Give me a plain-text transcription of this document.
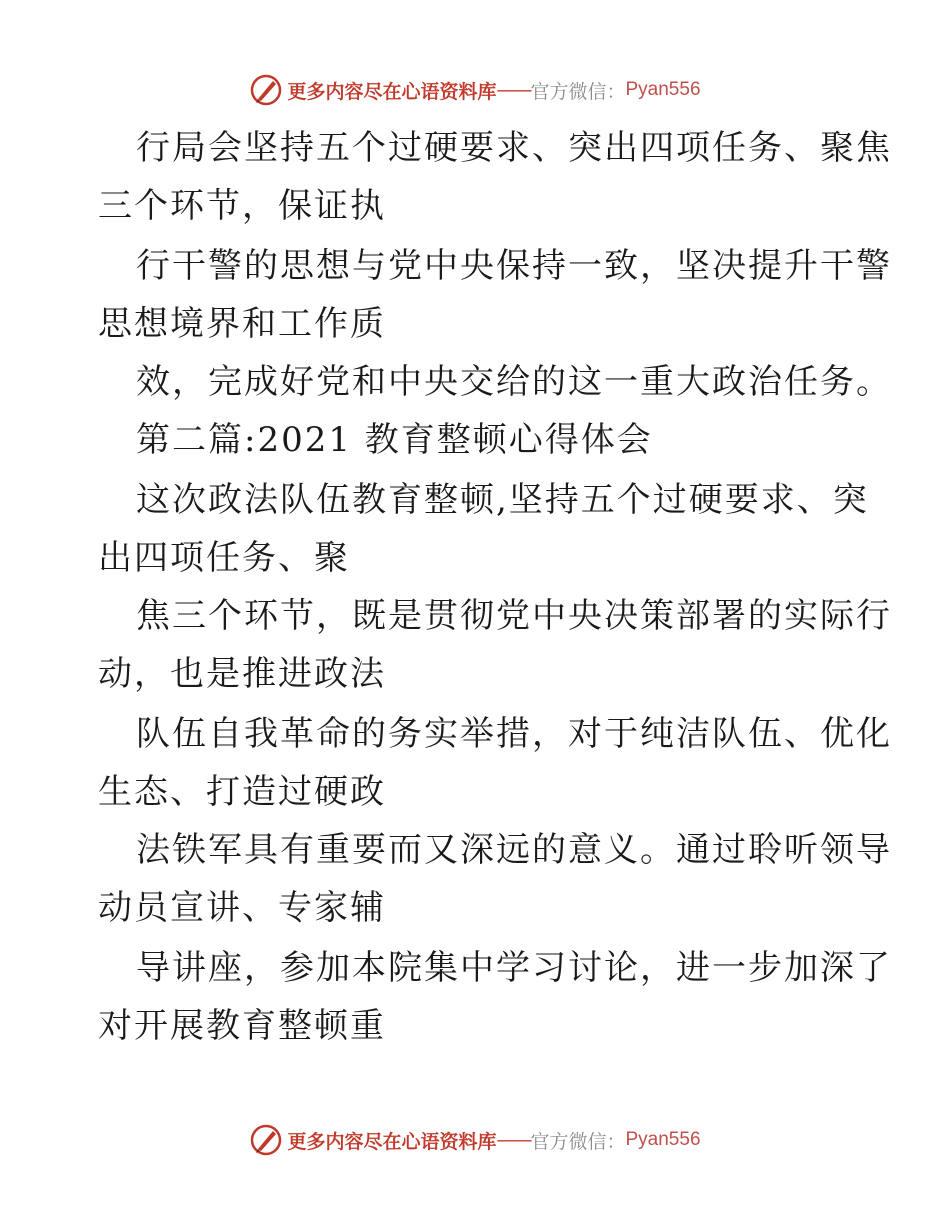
更多内容尽在心语资料库 —— 官方微信： Pyan556
行局会坚持五个过硬要求、突出四项任务、聚焦
三个环节，保证执
行干警的思想与党中央保持一致，坚决提升干警
思想境界和工作质
效，完成好党和中央交给的这一重大政治任务。
第二篇:2021 教育整顿心得体会
这次政法队伍教育整顿,坚持五个过硬要求、突
出四项任务、聚
焦三个环节，既是贯彻党中央决策部署的实际行
动，也是推进政法
队伍自我革命的务实举措，对于纯洁队伍、优化
生态、打造过硬政
法铁军具有重要而又深远的意义。通过聆听领导
动员宣讲、专家辅
导讲座，参加本院集中学习讨论，进一步加深了
对开展教育整顿重
更多内容尽在心语资料库 —— 官方微信： Pyan556
